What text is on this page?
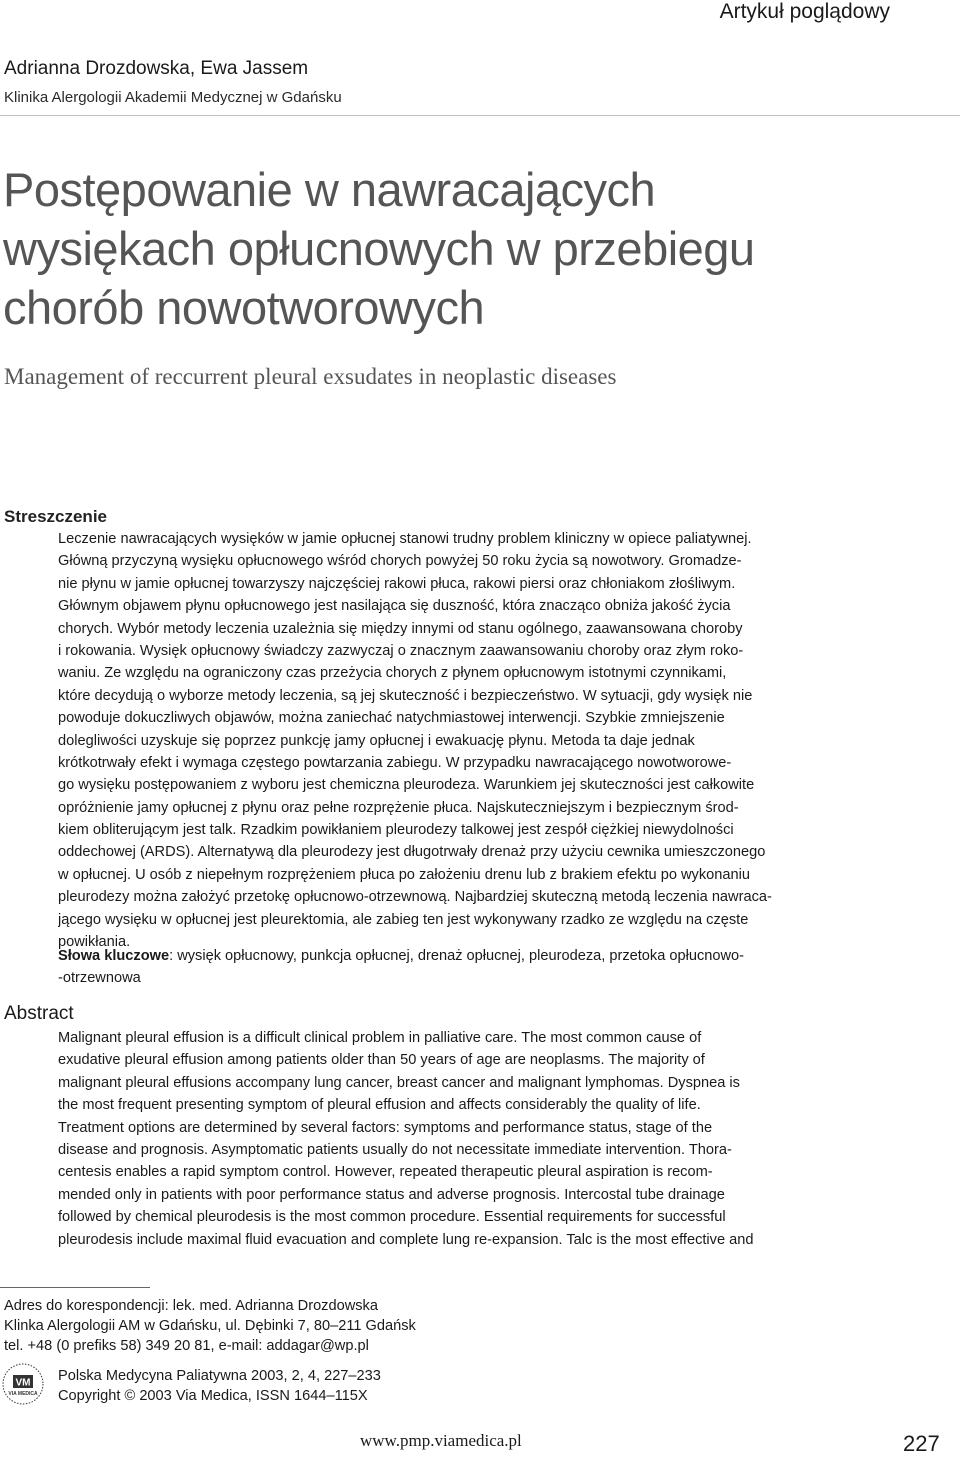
Artykuł poglądowy
Adrianna Drozdowska, Ewa Jassem
Klinika Alergologii Akademii Medycznej w Gdańsku
Postępowanie w nawracających
wysiękach opłucnowych w przebiegu
chorób nowotworowych
Management of reccurrent pleural exsudates in neoplastic diseases
Streszczenie
Leczenie nawracających wysięków w jamie opłucnej stanowi trudny problem kliniczny w opiece paliatywnej.
Główną przyczyną wysięku opłucnowego wśród chorych powyżej 50 roku życia są nowotwory. Gromadze-
nie płynu w jamie opłucnej towarzyszy najczęściej rakowi płuca, rakowi piersi oraz chłoniakom złośliwym.
Głównym objawem płynu opłucnowego jest nasilająca się duszność, która znacząco obniża jakość życia
chorych. Wybór metody leczenia uzależnia się między innymi od stanu ogólnego, zaawansowana choroby
i rokowania. Wysięk opłucnowy świadczy zazwyczaj o znacznym zaawansowaniu choroby oraz złym roko-
waniu. Ze względu na ograniczony czas przeżycia chorych z płynem opłucnowym istotnymi czynnikami,
które decydują o wyborze metody leczenia, są jej skuteczność i bezpieczeństwo. W sytuacji, gdy wysięk nie
powoduje dokuczliwych objawów, można zaniechać natychmiastowej interwencji. Szybkie zmniejszenie
dolegliwości uzyskuje się poprzez punkcję jamy opłucnej i ewakuację płynu. Metoda ta daje jednak
krótkotrwały efekt i wymaga częstego powtarzania zabiegu. W przypadku nawracającego nowotworowe-
go wysięku postępowaniem z wyboru jest chemiczna pleurodeza. Warunkiem jej skuteczności jest całkowite
opróżnienie jamy opłucnej z płynu oraz pełne rozprężenie płuca. Najskuteczniejszym i bezpiecznym środ-
kiem obliterującym jest talk. Rzadkim powikłaniem pleurodezy talkowej jest zespół ciężkiej niewydolności
oddechowej (ARDS). Alternatywą dla pleurodezy jest długotrwały drenaż przy użyciu cewnika umieszczonego
w opłucnej. U osób z niepełnym rozprężeniem płuca po założeniu drenu lub z brakiem efektu po wykonaniu
pleurodezy można założyć przetokę opłucnowo-otrzewnową. Najbardziej skuteczną metodą leczenia nawraca-
jącego wysięku w opłucnej jest pleurektomia, ale zabieg ten jest wykonywany rzadko ze względu na częste
powikłania.
Słowa kluczowe: wysięk opłucnowy, punkcja opłucnej, drenaż opłucnej, pleurodeza, przetoka opłucnowo-
-otrzewnowa
Abstract
Malignant pleural effusion is a difficult clinical problem in palliative care. The most common cause of
exudative pleural effusion among patients older than 50 years of age are neoplasms. The majority of
malignant pleural effusions accompany lung cancer, breast cancer and malignant lymphomas. Dyspnea is
the most frequent presenting symptom of pleural effusion and affects considerably the quality of life.
Treatment options are determined by several factors: symptoms and performance status, stage of the
disease and prognosis. Asymptomatic patients usually do not necessitate immediate intervention. Thora-
centesis enables a rapid symptom control. However, repeated therapeutic pleural aspiration is recom-
mended only in patients with poor performance status and adverse prognosis. Intercostal tube drainage
followed by chemical pleurodesis is the most common procedure. Essential requirements for successful
pleurodesis include maximal fluid evacuation and complete lung re-expansion. Talc is the most effective and
Adres do korespondencji: lek. med. Adrianna Drozdowska
Klinka Alergologii AM w Gdańsku, ul. Dębinki 7, 80–211 Gdańsk
tel. +48 (0 prefiks 58) 349 20 81, e-mail: addagar@wp.pl
VM
VIA MEDICA
Polska Medycyna Paliatywna 2003, 2, 4, 227–233
Copyright © 2003 Via Medica, ISSN 1644–115X
www.pmp.viamedica.pl	227
